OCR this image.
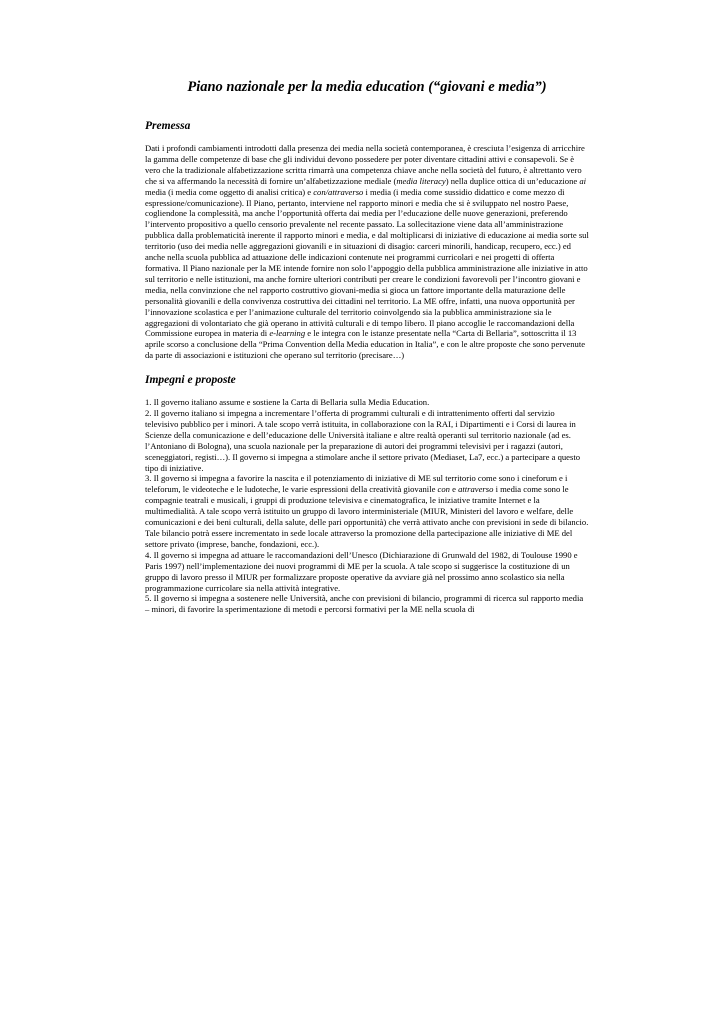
Piano nazionale per la media education (“giovani e media”)
Premessa

Dati i profondi cambiamenti introdotti dalla presenza dei media nella società contemporanea, è cresciuta l’esigenza di arricchire la gamma delle competenze di base che gli individui devono possedere per poter diventare cittadini attivi e consapevoli. Se è vero che la tradizionale alfabetizzazione scritta rimarrà una competenza chiave anche nella società del futuro, è altrettanto vero che si va affermando la necessità di fornire un’alfabetizzazione mediale (media literacy) nella duplice ottica di un’educazione ai media (i media come oggetto di analisi critica) e con/attraverso i media (i media come sussidio didattico e come mezzo di espressione/comunicazione). Il Piano, pertanto, interviene nel rapporto minori e media che si è sviluppato nel nostro Paese, cogliendone la complessità, ma anche l’opportunità offerta dai media per l’educazione delle nuove generazioni, preferendo l’intervento propositivo a quello censorio prevalente nel recente passato. La sollecitazione viene data all’amministrazione pubblica dalla problematicità inerente il rapporto minori e media, e dal moltiplicarsi di iniziative di educazione ai media sorte sul territorio (uso dei media nelle aggregazioni giovanili e in situazioni di disagio: carceri minorili, handicap, recupero, ecc.) ed anche nella scuola pubblica ad attuazione delle indicazioni contenute nei programmi curricolari e nei progetti di offerta formativa. Il Piano nazionale per la ME intende fornire non solo l’appoggio della pubblica amministrazione alle iniziative in atto sul territorio e nelle istituzioni, ma anche fornire ulteriori contributi per creare le condizioni favorevoli per l’incontro giovani e media, nella convinzione che nel rapporto costruttivo giovani-media si gioca un fattore importante della maturazione delle personalità giovanili e della convivenza costruttiva dei cittadini nel territorio. La ME offre, infatti, una nuova opportunità per l’innovazione scolastica e per l’animazione culturale del territorio coinvolgendo sia la pubblica amministrazione sia le aggregazioni di volontariato che già operano in attività culturali e di tempo libero. Il piano accoglie le raccomandazioni della Commissione europea in materia di e-learning e le integra con le istanze presentate nella “Carta di Bellaria”, sottoscritta il 13 aprile scorso a conclusione della “Prima Convention della Media education in Italia”, e con le altre proposte che sono pervenute da parte di associazioni e istituzioni che operano sul territorio (precisare…)

Impegni e proposte
1. Il governo italiano assume e sostiene la Carta di Bellaria sulla Media Education.
2. Il governo italiano si impegna a incrementare l’offerta di programmi culturali e di intrattenimento offerti dal servizio televisivo pubblico per i minori. A tale scopo verrà istituita, in collaborazione con la RAI, i Dipartimenti e i Corsi di laurea in Scienze della comunicazione e dell’educazione delle Università italiane e altre realtà operanti sul territorio nazionale (ad es. l’Antoniano di Bologna), una scuola nazionale per la preparazione di autori dei programmi televisivi per i ragazzi (autori, sceneggiatori, registi…). Il governo si impegna a stimolare anche il settore privato (Mediaset, La7, ecc.) a partecipare a questo tipo di iniziative.
3. Il governo si impegna a favorire la nascita e il potenziamento di iniziative di ME sul territorio come sono i cineforum e i teleforum, le videoteche e le ludoteche, le varie espressioni della creatività giovanile con e attraverso i media come sono le compagnie teatrali e musicali, i gruppi di produzione televisiva e cinematografica, le iniziative tramite Internet e la multimedialità. A tale scopo verrà istituito un gruppo di lavoro interministeriale (MIUR, Ministeri del lavoro e welfare, delle comunicazioni e dei beni culturali, della salute, delle pari opportunità) che verrà attivato anche con previsioni in sede di bilancio. Tale bilancio potrà essere incrementato in sede locale attraverso la promozione della partecipazione alle iniziative di ME del settore privato (imprese, banche, fondazioni, ecc.).
4. Il governo si impegna ad attuare le raccomandazioni dell’Unesco (Dichiarazione di Grunwald del 1982, di Toulouse 1990 e Paris 1997) nell’implementazione dei nuovi programmi di ME per la scuola. A tale scopo si suggerisce la costituzione di un gruppo di lavoro presso il MIUR per formalizzare proposte operative da avviare già nel prossimo anno scolastico sia nella programmazione curricolare sia nella attività integrative.
5. Il governo si impegna a sostenere nelle Università, anche con previsioni di bilancio, programmi di ricerca sul rapporto media – minori, di favorire la sperimentazione di metodi e percorsi formativi per la ME nella scuola di
